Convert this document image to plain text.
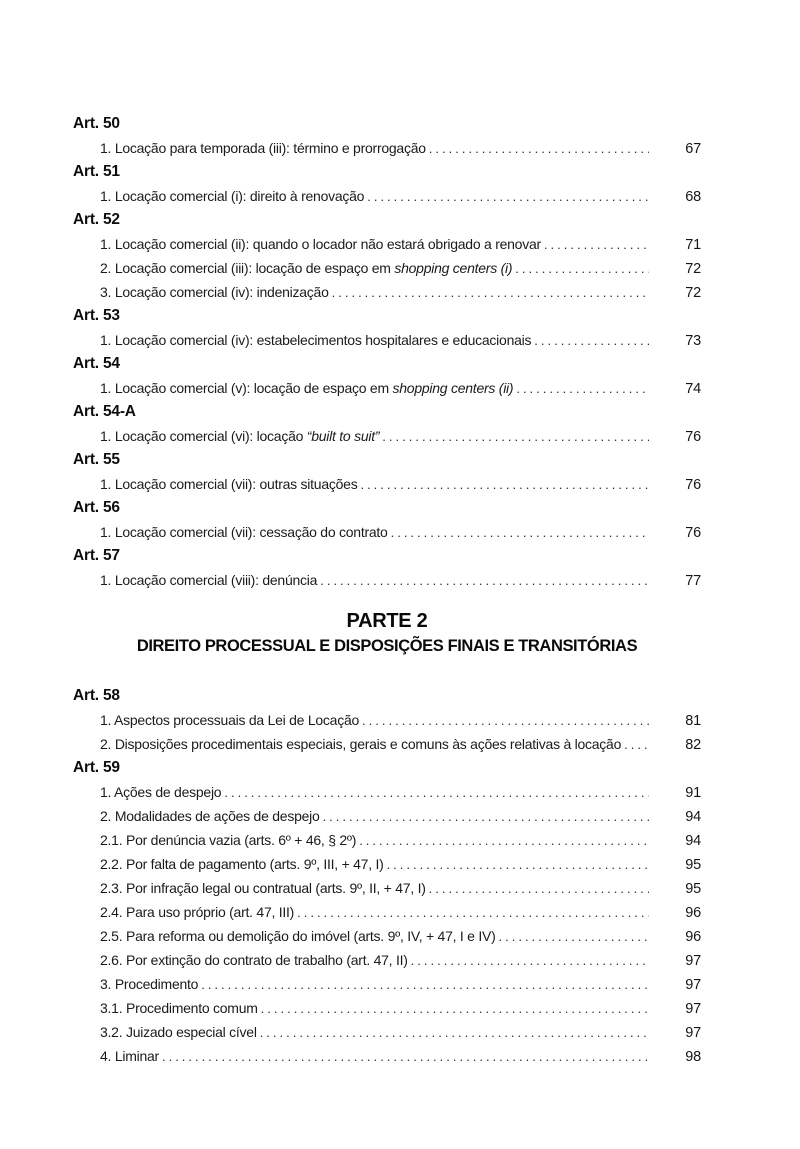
Art. 50
1. Locação para temporada (iii): término e prorrogação .....	67
Art. 51
1. Locação comercial (i): direito à renovação .....	68
Art. 52
1. Locação comercial (ii): quando o locador não estará obrigado a renovar .....	71
2. Locação comercial (iii): locação de espaço em shopping centers (i) .....	72
3. Locação comercial (iv): indenização .....	72
Art. 53
1. Locação comercial (iv): estabelecimentos hospitalares e educacionais .....	73
Art. 54
1. Locação comercial (v): locação de espaço em shopping centers (ii) .....	74
Art. 54-A
1. Locação comercial (vi): locação “built to suit” .....	76
Art. 55
1. Locação comercial (vii): outras situações .....	76
Art. 56
1. Locação comercial (vii): cessação do contrato .....	76
Art. 57
1. Locação comercial (viii): denúncia .....	77
PARTE 2
DIREITO PROCESSUAL E DISPOSIÇÕES FINAIS E TRANSITÓRIAS
Art. 58
1. Aspectos processuais da Lei de Locação .....	81
2. Disposições procedimentais especiais, gerais e comuns às ações relativas à locação .....	82
Art. 59
1. Ações de despejo .....	91
2. Modalidades de ações de despejo .....	94
2.1. Por denúncia vazia (arts. 6º + 46, § 2º) .....	94
2.2. Por falta de pagamento (arts. 9º, III, + 47, I) .....	95
2.3. Por infração legal ou contratual (arts. 9º, II, + 47, I) .....	95
2.4. Para uso próprio (art. 47, III) .....	96
2.5. Para reforma ou demolição do imóvel (arts. 9º, IV, + 47, I e IV) .....	96
2.6. Por extinção do contrato de trabalho (art. 47, II) .....	97
3. Procedimento .....	97
3.1. Procedimento comum .....	97
3.2. Juizado especial cível .....	97
4. Liminar .....	98
